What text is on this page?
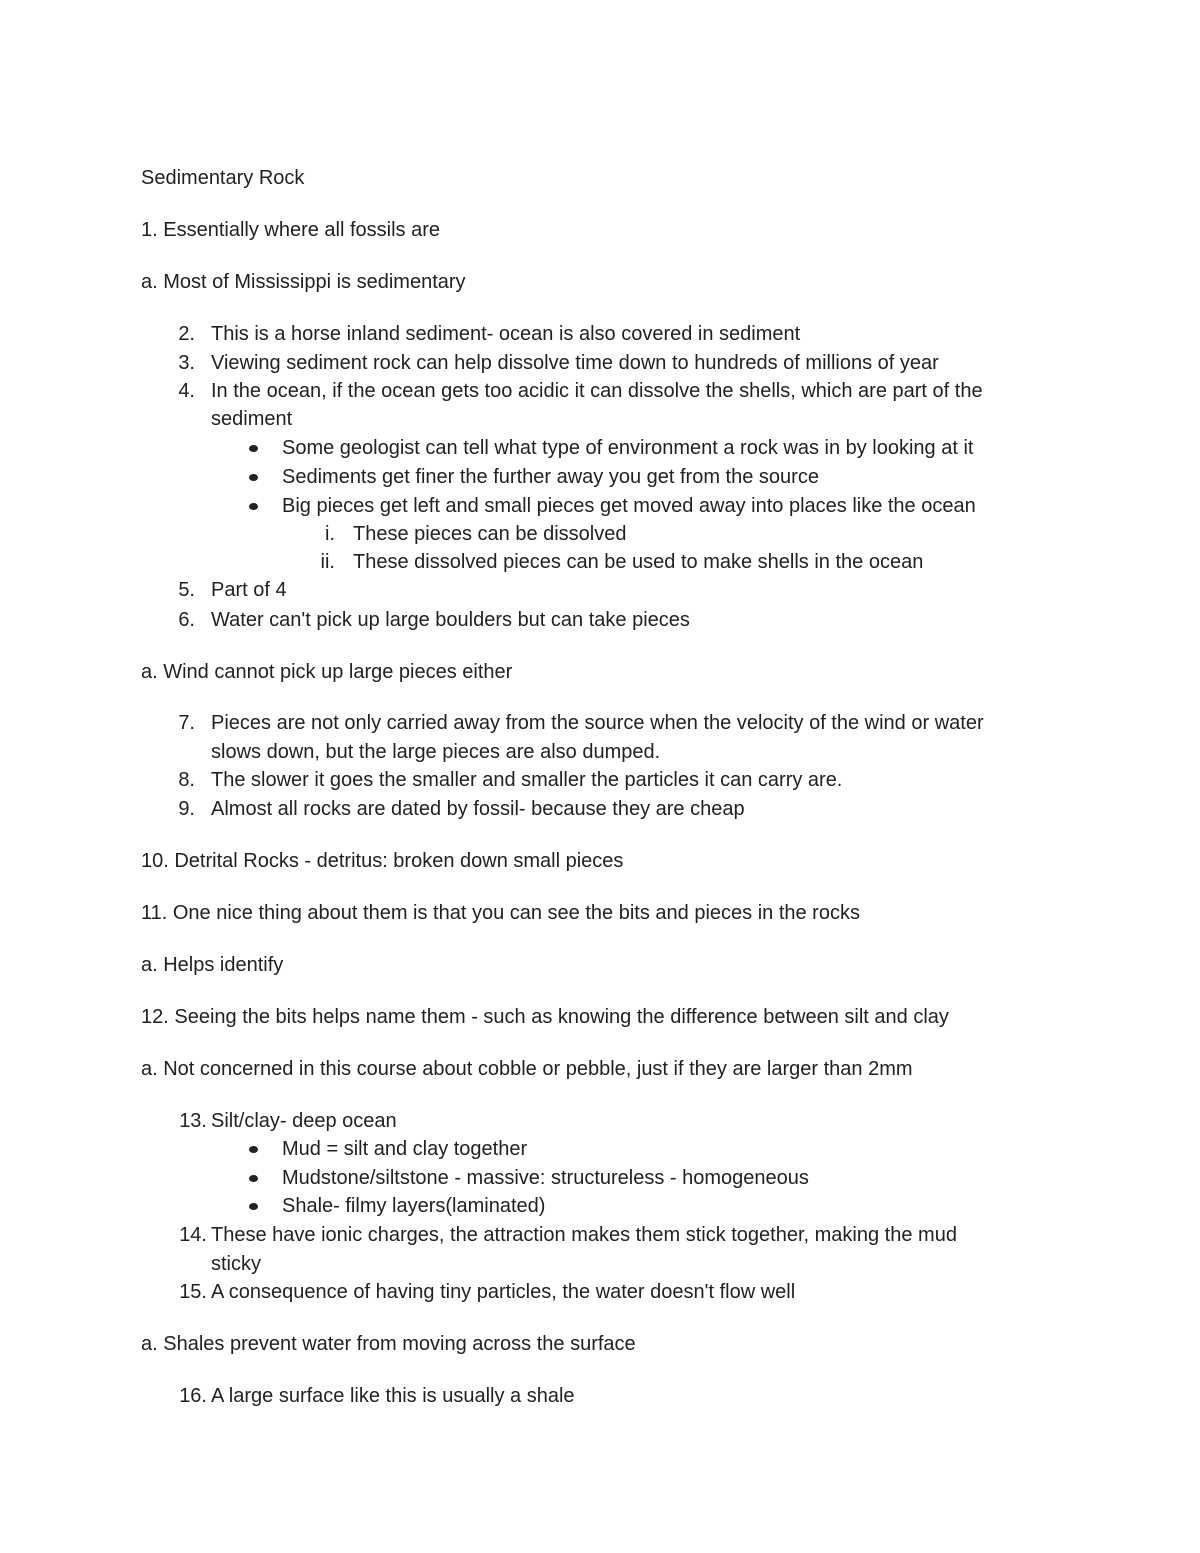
Sedimentary Rock
1. Essentially where all fossils are
a. Most of Mississippi is sedimentary
2. This is a horse inland sediment- ocean is also covered in sediment
3. Viewing sediment rock can help dissolve time down to hundreds of millions of year
4. In the ocean, if the ocean gets too acidic it can dissolve the shells, which are part of the
sediment
Some geologist can tell what type of environment a rock was in by looking at it
Sediments get finer the further away you get from the source
Big pieces get left and small pieces get moved away into places like the ocean
i. These pieces can be dissolved
ii. These dissolved pieces can be used to make shells in the ocean
5. Part of 4
6. Water can't pick up large boulders but can take pieces
a. Wind cannot pick up large pieces either
7. Pieces are not only carried away from the source when the velocity of the wind or water
slows down, but the large pieces are also dumped.
8. The slower it goes the smaller and smaller the particles it can carry are.
9. Almost all rocks are dated by fossil- because they are cheap
10. Detrital Rocks - detritus: broken down small pieces
11. One nice thing about them is that you can see the bits and pieces in the rocks
a. Helps identify
12. Seeing the bits helps name them - such as knowing the difference between silt and clay
a. Not concerned in this course about cobble or pebble, just if they are larger than 2mm
13. Silt/clay- deep ocean
Mud = silt and clay together
Mudstone/siltstone - massive: structureless - homogeneous
Shale- filmy layers(laminated)
14. These have ionic charges, the attraction makes them stick together, making the mud
sticky
15. A consequence of having tiny particles, the water doesn't flow well
a. Shales prevent water from moving across the surface
16. A large surface like this is usually a shale
